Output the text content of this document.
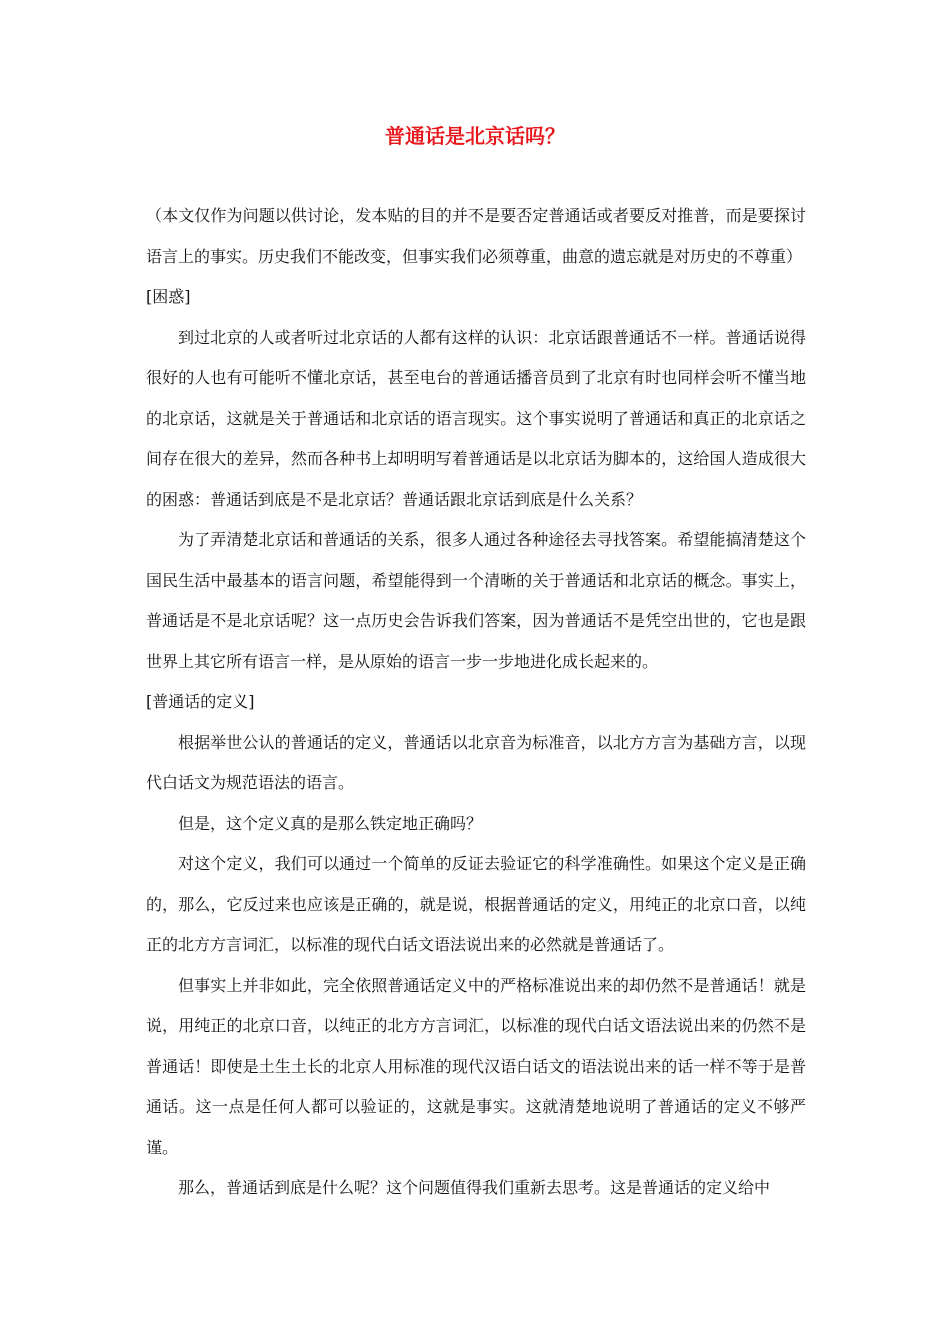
普通话是北京话吗？

（本文仅作为问题以供讨论，发本贴的目的并不是要否定普通话或者要反对推普，而是要探讨语言上的事实。历史我们不能改变，但事实我们必须尊重，曲意的遗忘就是对历史的不尊重）

[困惑]

到过北京的人或者听过北京话的人都有这样的认识：北京话跟普通话不一样。普通话说得很好的人也有可能听不懂北京话，甚至电台的普通话播音员到了北京有时也同样会听不懂当地的北京话，这就是关于普通话和北京话的语言现实。这个事实说明了普通话和真正的北京话之间存在很大的差异，然而各种书上却明明写着普通话是以北京话为脚本的，这给国人造成很大的困惑：普通话到底是不是北京话？普通话跟北京话到底是什么关系？

为了弄清楚北京话和普通话的关系，很多人通过各种途径去寻找答案。希望能搞清楚这个国民生活中最基本的语言问题，希望能得到一个清晰的关于普通话和北京话的概念。事实上，普通话是不是北京话呢？这一点历史会告诉我们答案，因为普通话不是凭空出世的，它也是跟世界上其它所有语言一样，是从原始的语言一步一步地进化成长起来的。

[普通话的定义]

根据举世公认的普通话的定义，普通话以北京音为标准音，以北方方言为基础方言，以现代白话文为规范语法的语言。

但是，这个定义真的是那么铁定地正确吗？

对这个定义，我们可以通过一个简单的反证去验证它的科学准确性。如果这个定义是正确的，那么，它反过来也应该是正确的，就是说，根据普通话的定义，用纯正的北京口音，以纯正的北方方言词汇，以标准的现代白话文语法说出来的必然就是普通话了。

但事实上并非如此，完全依照普通话定义中的严格标准说出来的却仍然不是普通话！就是说，用纯正的北京口音，以纯正的北方方言词汇，以标准的现代白话文语法说出来的仍然不是普通话！即使是土生土长的北京人用标准的现代汉语白话文的语法说出来的话一样不等于是普通话。这一点是任何人都可以验证的，这就是事实。这就清楚地说明了普通话的定义不够严谨。

那么，普通话到底是什么呢？这个问题值得我们重新去思考。这是普通话的定义给中
